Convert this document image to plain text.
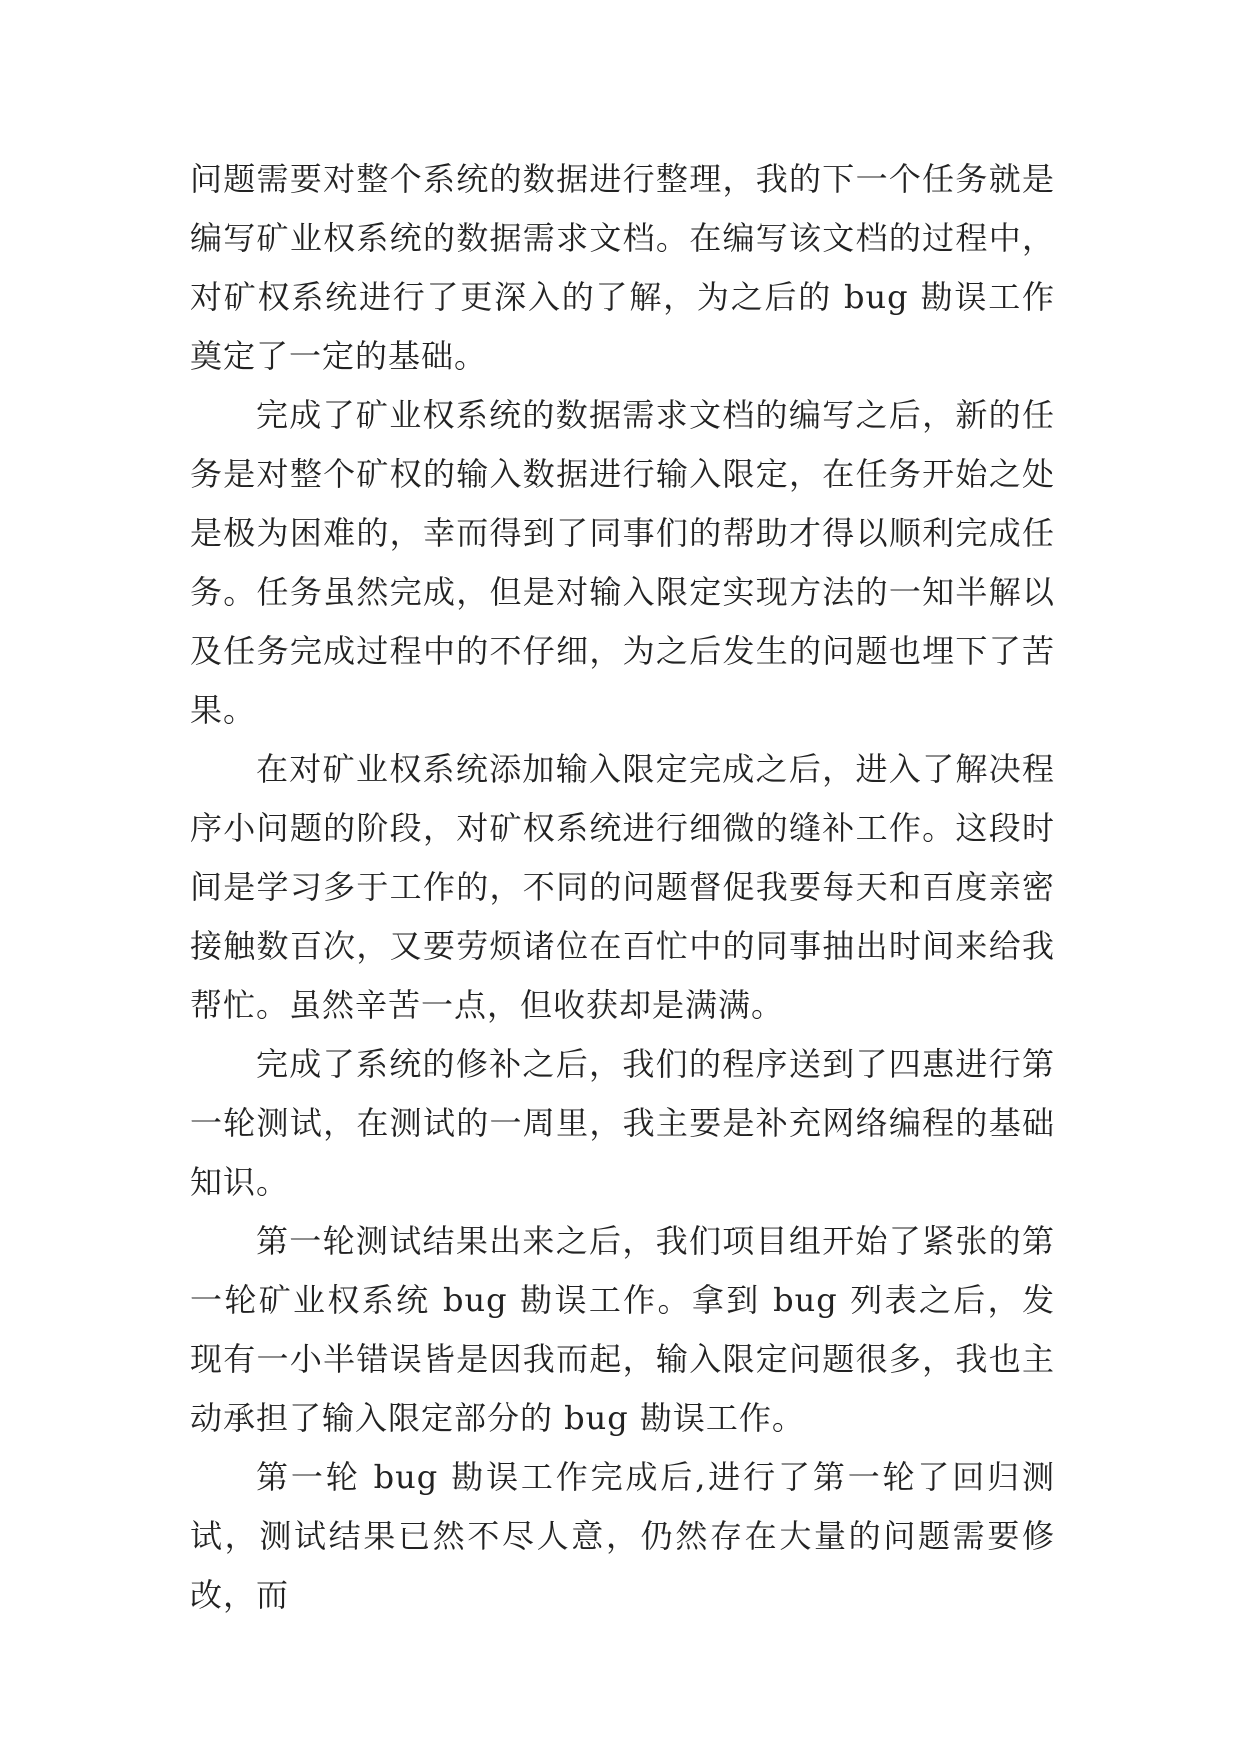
问题需要对整个系统的数据进行整理，我的下一个任务就是编写矿业权系统的数据需求文档。在编写该文档的过程中，对矿权系统进行了更深入的了解，为之后的 bug 勘误工作奠定了一定的基础。

完成了矿业权系统的数据需求文档的编写之后，新的任务是对整个矿权的输入数据进行输入限定，在任务开始之处是极为困难的，幸而得到了同事们的帮助才得以顺利完成任务。任务虽然完成，但是对输入限定实现方法的一知半解以及任务完成过程中的不仔细，为之后发生的问题也埋下了苦果。

在对矿业权系统添加输入限定完成之后，进入了解决程序小问题的阶段，对矿权系统进行细微的缝补工作。这段时间是学习多于工作的，不同的问题督促我要每天和百度亲密接触数百次，又要劳烦诸位在百忙中的同事抽出时间来给我帮忙。虽然辛苦一点，但收获却是满满。

完成了系统的修补之后，我们的程序送到了四惠进行第一轮测试，在测试的一周里，我主要是补充网络编程的基础知识。

第一轮测试结果出来之后，我们项目组开始了紧张的第一轮矿业权系统 bug 勘误工作。拿到 bug 列表之后，发现有一小半错误皆是因我而起，输入限定问题很多，我也主动承担了输入限定部分的 bug 勘误工作。

第一轮 bug 勘误工作完成后,进行了第一轮了回归测试，测试结果已然不尽人意，仍然存在大量的问题需要修改，而
